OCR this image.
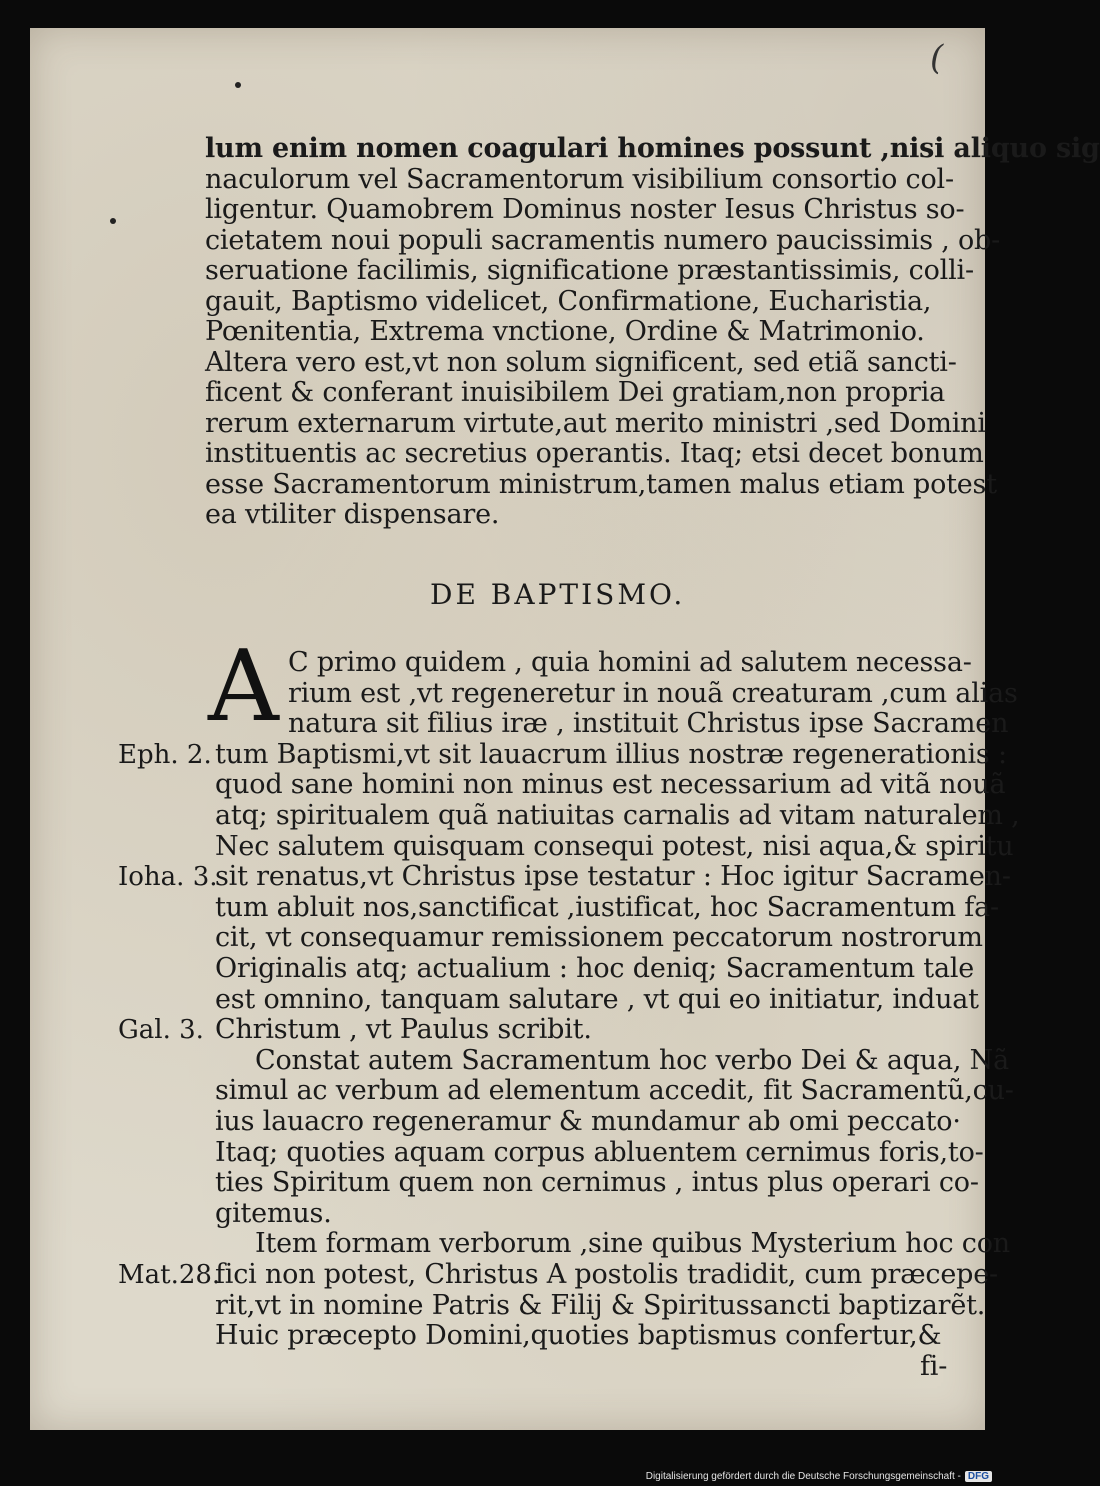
(
lum enim nomen coagulari homines possunt ,nisi aliquo sig
naculorum vel Sacramentorum visibilium consortio col-
ligentur. Quamobrem Dominus noster Iesus Christus so-
cietatem noui populi sacramentis numero paucissimis , ob-
seruatione facilimis, significatione præstantissimis, colli-
gauit, Baptismo videlicet, Confirmatione, Eucharistia,
Pœnitentia, Extrema vnctione, Ordine & Matrimonio.
Altera vero est,vt non solum significent, sed etiã sancti-
ficent & conferant inuisibilem Dei gratiam,non propria
rerum externarum virtute,aut merito ministri ,sed Domini
instituentis ac secretius operantis. Itaq; etsi decet bonum
esse Sacramentorum ministrum,tamen malus etiam potest
ea vtiliter dispensare.
DE BAPTISMO.
A C primo quidem , quia homini ad salutem necessa-
rium est ,vt regeneretur in nouã creaturam ,cum alias
natura sit filius iræ , instituit Christus ipse Sacramen
tum Baptismi,vt sit lauacrum illius nostræ regenerationis :
quod sane homini non minus est necessarium ad vitã nouã
atq; spiritualem quã natiuitas carnalis ad vitam naturalem ,
Nec salutem quisquam consequi potest, nisi aqua,& spiritu
sit renatus,vt Christus ipse testatur : Hoc igitur Sacramen-
tum abluit nos,sanctificat ,iustificat, hoc Sacramentum fa-
cit, vt consequamur remissionem peccatorum nostrorum
Originalis atq; actualium : hoc deniq; Sacramentum tale
est omnino, tanquam salutare , vt qui eo initiatur, induat
Christum , vt Paulus scribit.
Constat autem Sacramentum hoc verbo Dei & aqua, Nã
simul ac verbum ad elementum accedit, fit Sacramentũ,cu-
ius lauacro regeneramur & mundamur ab omi peccato·
Itaq; quoties aquam corpus abluentem cernimus foris,to-
ties Spiritum quem non cernimus , intus plus operari co-
gitemus.
Item formam verborum ,sine quibus Mysterium hoc con
fici non potest, Christus A postolis tradidit, cum præcepe-
rit,vt in nomine Patris & Filij & Spiritussancti baptizarẽt.
Huic præcepto Domini,quoties baptismus confertur,&
fi-
Eph. 2.
Ioha. 3.
Gal. 3.
Mat.28.
Digitalisierung gefördert durch die Deutsche Forschungsgemeinschaft - DFG
